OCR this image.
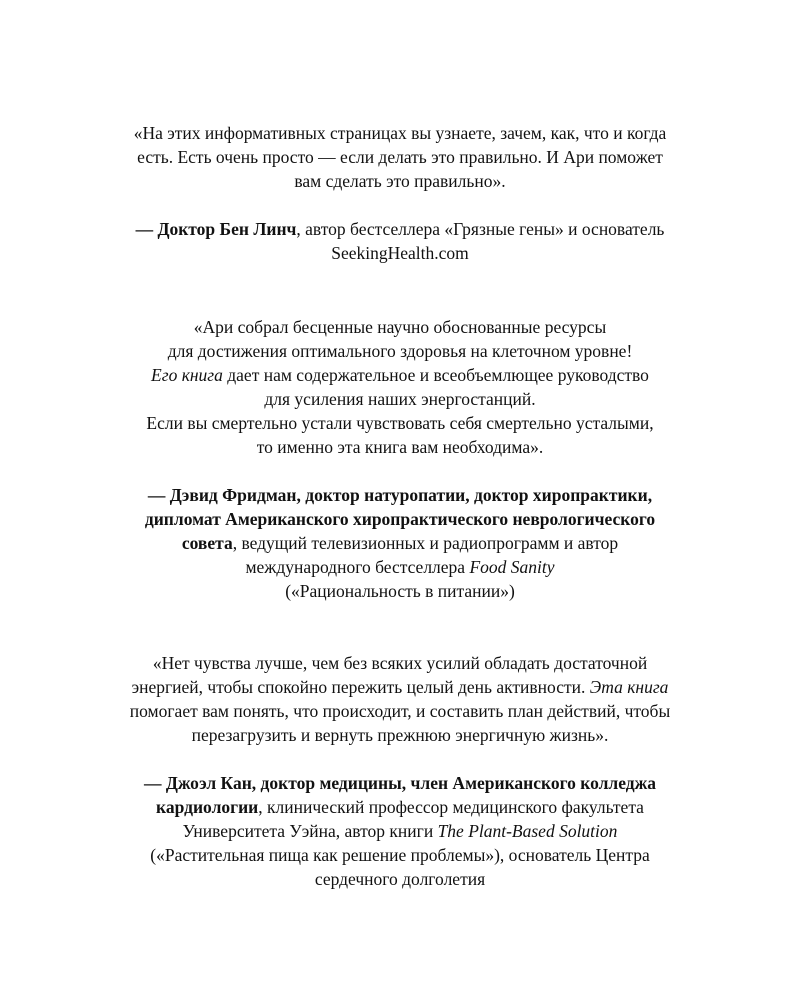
«На этих информативных страницах вы узнаете, зачем, как, что и когда
есть. Есть очень просто — если делать это правильно. И Ари поможет
вам сделать это правильно».
— Доктор Бен Линч, автор бестселлера «Грязные гены» и основатель
SeekingHealth.com
«Ари собрал бесценные научно обоснованные ресурсы
для достижения оптимального здоровья на клеточном уровне!
Его книга дает нам содержательное и всеобъемлющее руководство
для усиления наших энергостанций.
Если вы смертельно устали чувствовать себя смертельно усталыми,
то именно эта книга вам необходима».
— Дэвид Фридман, доктор натуропатии, доктор хиропрактики,
дипломат Американского хиропрактического неврологического
совета, ведущий телевизионных и радиопрограмм и автор
международного бестселлера Food Sanity
(«Рациональность в питании»)
«Нет чувства лучше, чем без всяких усилий обладать достаточной
энергией, чтобы спокойно пережить целый день активности. Эта книга
помогает вам понять, что происходит, и составить план действий, чтобы
перезагрузить и вернуть прежнюю энергичную жизнь».
— Джоэл Кан, доктор медицины, член Американского колледжа
кардиологии, клинический профессор медицинского факультета
Университета Уэйна, автор книги The Plant-Based Solution
(«Растительная пища как решение проблемы»), основатель Центра
сердечного долголетия
